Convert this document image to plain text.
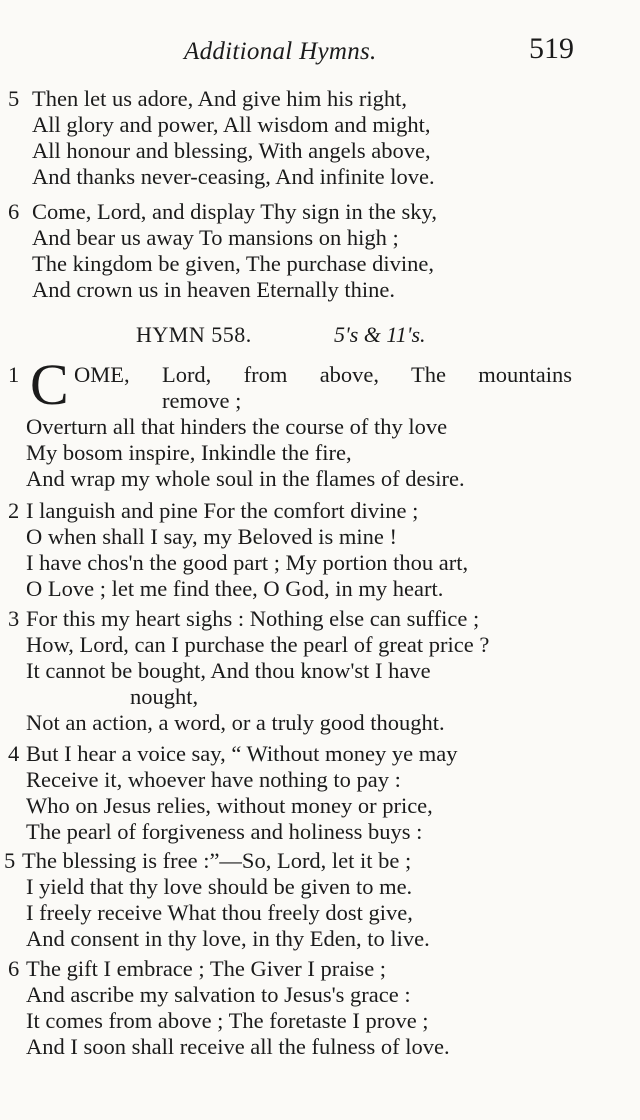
Additional Hymns.	519
5 Then let us adore, And give him his right,
All glory and power, All wisdom and might,
All honour and blessing, With angels above,
And thanks never-ceasing, And infinite love.
6 Come, Lord, and display Thy sign in the sky,
And bear us away To mansions on high ;
The kingdom be given, The purchase divine,
And crown us in heaven Eternally thine.
HYMN 558.	5's & 11's.
1 C OME, Lord, from above, The mountains
remove ;
Overturn all that hinders the course of thy love
My bosom inspire, Inkindle the fire,
And wrap my whole soul in the flames of desire.
2 I languish and pine For the comfort divine ;
O when shall I say, my Beloved is mine !
I have chos'n the good part ; My portion thou art,
O Love ; let me find thee, O God, in my heart.
3 For this my heart sighs : Nothing else can suffice ;
How, Lord, can I purchase the pearl of great price ?
It cannot be bought, And thou know'st I have
nought,
Not an action, a word, or a truly good thought.
4 But I hear a voice say, “ Without money ye may
Receive it, whoever have nothing to pay :
Who on Jesus relies, without money or price,
The pearl of forgiveness and holiness buys :
5 The blessing is free :”—So, Lord, let it be ;
I yield that thy love should be given to me.
I freely receive What thou freely dost give,
And consent in thy love, in thy Eden, to live.
6 The gift I embrace ; The Giver I praise ;
And ascribe my salvation to Jesus's grace :
It comes from above ; The foretaste I prove ;
And I soon shall receive all the fulness of love.
